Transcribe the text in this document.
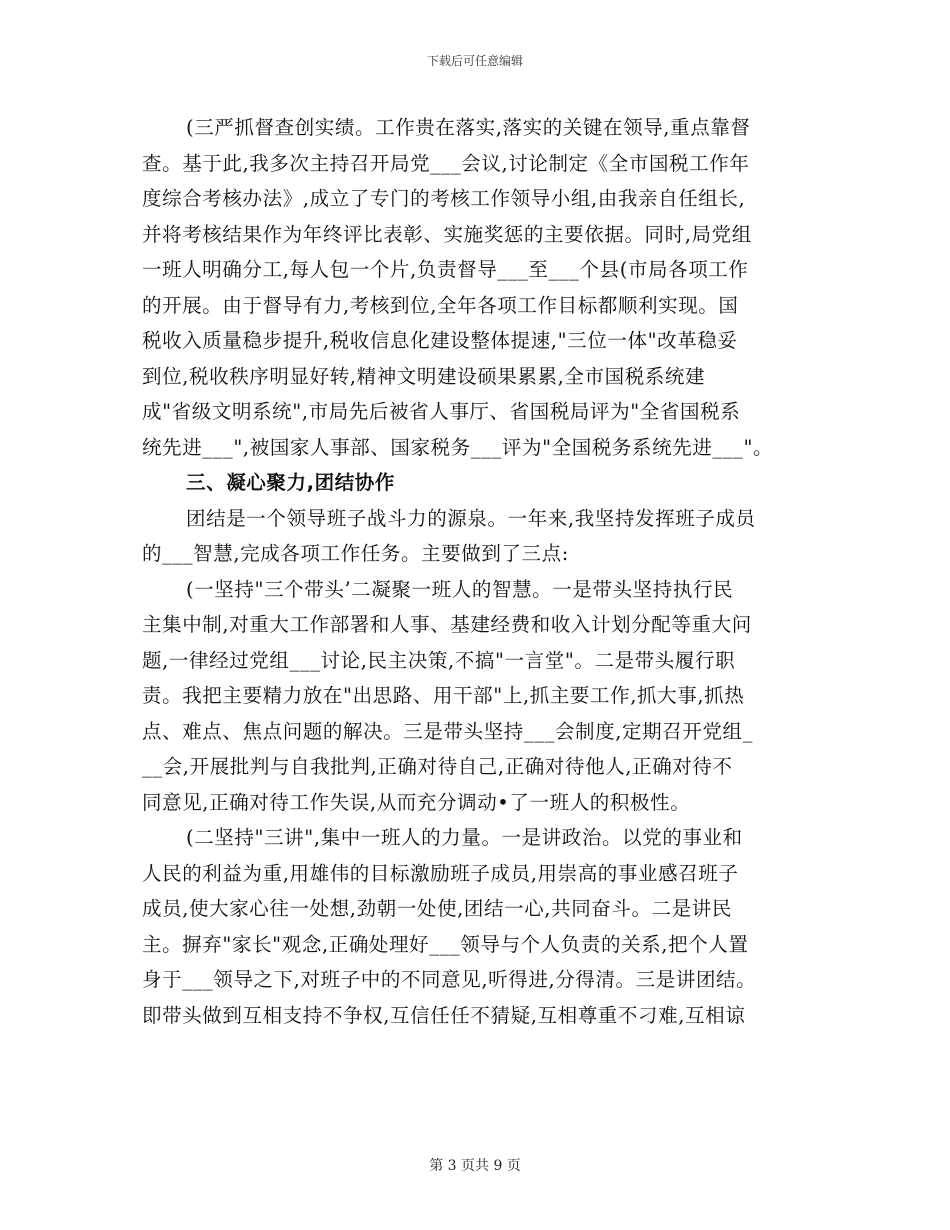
下载后可任意编辑
(三严抓督查创实绩。工作贵在落实,落实的关键在领导,重点靠督
查。基于此,我多次主持召开局党___会议,讨论制定《全市国税工作年
度综合考核办法》,成立了专门的考核工作领导小组,由我亲自任组长,
并将考核结果作为年终评比表彰、实施奖惩的主要依据。同时,局党组
一班人明确分工,每人包一个片,负责督导___至___个县(市局各项工作
的开展。由于督导有力,考核到位,全年各项工作目标都顺利实现。国
税收入质量稳步提升,税收信息化建设整体提速,"三位一体"改革稳妥
到位,税收秩序明显好转,精神文明建设硕果累累,全市国税系统建
成"省级文明系统",市局先后被省人事厅、省国税局评为"全省国税系
统先进___",被国家人事部、国家税务___评为"全国税务系统先进___"。
三、凝心聚力,团结协作
团结是一个领导班子战斗力的源泉。一年来,我坚持发挥班子成员
的___智慧,完成各项工作任务。主要做到了三点:
(一坚持"三个带头’二凝聚一班人的智慧。一是带头坚持执行民
主集中制,对重大工作部署和人事、基建经费和收入计划分配等重大问
题,一律经过党组___讨论,民主决策,不搞"一言堂"。二是带头履行职
责。我把主要精力放在"出思路、用干部"上,抓主要工作,抓大事,抓热
点、难点、焦点问题的解决。三是带头坚持___会制度,定期召开党组_
__会,开展批判与自我批判,正确对待自己,正确对待他人,正确对待不
同意见,正确对待工作失误,从而充分调动•了一班人的积极性。
(二坚持"三讲",集中一班人的力量。一是讲政治。以党的事业和
人民的利益为重,用雄伟的目标激励班子成员,用崇高的事业感召班子
成员,使大家心往一处想,劲朝一处使,团结一心,共同奋斗。二是讲民
主。摒弃"家长"观念,正确处理好___领导与个人负责的关系,把个人置
身于___领导之下,对班子中的不同意见,听得进,分得清。三是讲团结。
即带头做到互相支持不争权,互信任任不猜疑,互相尊重不刁难,互相谅
第 3 页共 9 页
